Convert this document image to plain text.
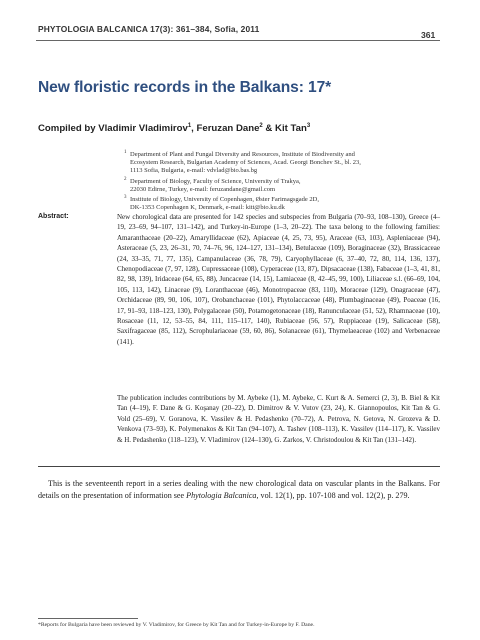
PHYTOLOGIA BALCANICA 17(3): 361–384, Sofia, 2011
361
New floristic records in the Balkans: 17*
Compiled by Vladimir Vladimirov$^1$, Feruzan Dane$^2$ & Kit Tan$^3$
1 Department of Plant and Fungal Diversity and Resources, Institute of Biodiversity and
Ecosystem Research, Bulgarian Academy of Sciences, Acad. Georgi Bonchev St., bl. 23,
1113 Sofia, Bulgaria, e-mail: vdvlad@bio.bas.bg
2 Department of Biology, Faculty of Science, University of Trakya,
22030 Edirne, Turkey, e-mail: feruzandane@gmail.com
3 Institute of Biology, University of Copenhagen, Øster Farimagsgade 2D,
DK-1353 Copenhagen K, Denmark, e-mail: kitt@bio.ku.dk
Abstract:	New chorological data are presented for 142 species and subspecies from Bulgaria (70–93, 108–130), Greece (4–19, 23–69, 94–107, 131–142), and Turkey-in-Europe (1–3, 20–22). The taxa belong to the following families: Amaranthaceae (20–22), Amaryllidaceae (62), Apiaceae (4, 25, 73, 95), Araceae (63, 103), Aspleniaceae (94), Asteraceae (5, 23, 26–31, 70, 74–76, 96, 124–127, 131–134), Betulaceae (109), Boraginaceae (32), Brassicaceae (24, 33–35, 71, 77, 135), Campanulaceae (36, 78, 79), Caryophyllaceae (6, 37–40, 72, 80, 114, 136, 137), Chenopodiaceae (7, 97, 128), Cupressaceae (108), Cyperaceae (13, 87), Dipsacaceae (138), Fabaceae (1–3, 41, 81, 82, 98, 139), Iridaceae (64, 65, 88), Juncaceae (14, 15), Lamiaceae (8, 42–45, 99, 100), Liliaceae s.l. (66–69, 104, 105, 113, 142), Linaceae (9), Loranthaceae (46), Monotropaceae (83, 110), Moraceae (129), Onagraceae (47), Orchidaceae (89, 90, 106, 107), Orobanchaceae (101), Phytolaccaceae (48), Plumbaginaceae (49), Poaceae (16, 17, 91–93, 118–123, 130), Polygalaceae (50), Potamogetonaceae (18), Ranunculaceae (51, 52), Rhamnaceae (10), Rosaceae (11, 12, 53–55, 84, 111, 115–117, 140), Rubiaceae (56, 57), Ruppiaceae (19), Salicaceae (58), Saxifragaceae (85, 112), Scrophulariaceae (59, 60, 86), Solanaceae (61), Thymelaeaceae (102) and Verbenaceae (141).
The publication includes contributions by M. Aybeke (1), M. Aybeke, C. Kurt & A. Semerci (2, 3), B. Biel & Kit Tan (4–19), F. Dane & G. Koşanay (20–22), D. Dimitrov & V. Vutov (23, 24), K. Giannopoulos, Kit Tan & G. Vold (25–69), V. Goranova, K. Vassilev & H. Pedashenko (70–72), A. Petrova, N. Getova, N. Grozeva & D. Venkova (73–93), K. Polymenakos & Kit Tan (94–107), A. Tashev (108–113), K. Vassilev (114–117), K. Vassilev & H. Pedashenko (118–123), V. Vladimirov (124–130), G. Zarkos, V. Christodoulou & Kit Tan (131–142).
This is the seventeenth report in a series dealing with the new chorological data on vascular plants in the Balkans. For details on the presentation of information see Phytologia Balcanica, vol. 12(1), pp. 107-108 and vol. 12(2), p. 279.
*Reports for Bulgaria have been reviewed by V. Vladimirov, for Greece by Kit Tan and for Turkey-in-Europe by F. Dane.
